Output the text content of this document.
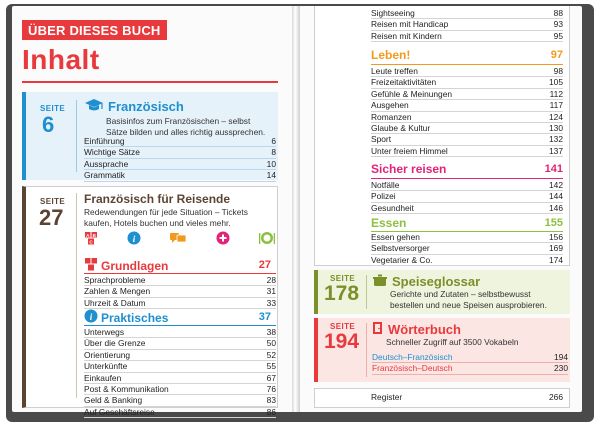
ÜBER DIESES BUCH
Inhalt
SEITE
6
Französisch
Basisinfos zum Französischen – selbst
Sätze bilden und alles richtig aussprechen.
Einführung	6
Wichtige Sätze	8
Aussprache	10
Grammatik	14
SEITE
27
Französisch für Reisende
Redewendungen für jede Situation – Tickets
kaufen, Hotels buchen und vieles mehr.
A B
C	i
Grundlagen	27
Sprachprobleme	28
Zahlen & Mengen	31
Uhrzeit & Datum	33
i Praktisches	37
Unterwegs	38
Über die Grenze	50
Orientierung	52
Unterkünfte	55
Einkaufen	67
Post & Kommunikation	76
Geld & Banking	83
Auf Geschäftsreise	86
Sightseeing	88
Reisen mit Handicap	93
Reisen mit Kindern	95
Leben!	97
Leute treffen	98
Freizeitaktivitäten	105
Gefühle & Meinungen	112
Ausgehen	117
Romanzen	124
Glaube & Kultur	130
Sport	132
Unter freiem Himmel	137
Sicher reisen	141
Notfälle	142
Polizei	144
Gesundheit	146
Essen	155
Essen gehen	156
Selbstversorger	169
Vegetarier & Co.	174
SEITE
178
Speiseglossar
Gerichte und Zutaten – selbstbewusst
bestellen und neue Speisen ausprobieren.
SEITE
194
Wörterbuch
Schneller Zugriff auf 3500 Vokabeln
Deutsch–Französisch	194
Französisch–Deutsch	230
Register	266
